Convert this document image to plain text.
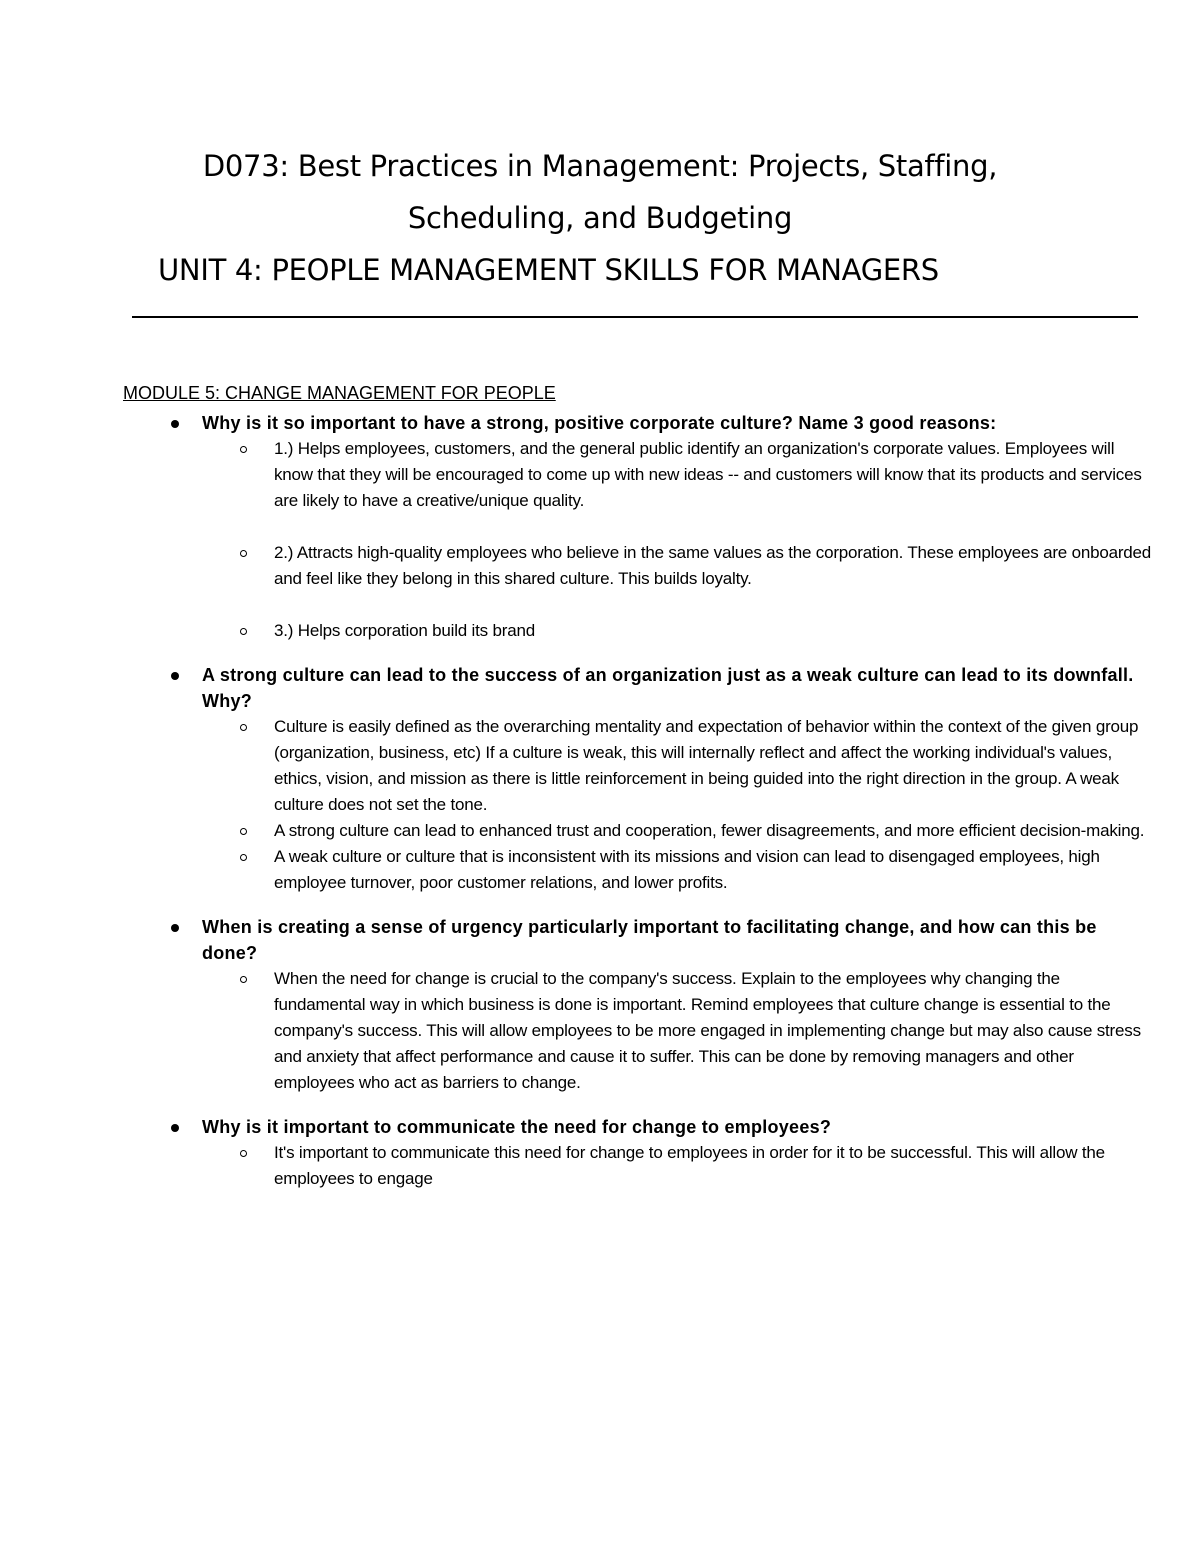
D073: Best Practices in Management: Projects, Staffing,
Scheduling, and Budgeting
UNIT 4: PEOPLE MANAGEMENT SKILLS FOR MANAGERS
MODULE 5: CHANGE MANAGEMENT FOR PEOPLE
Why is it so important to have a strong, positive corporate culture? Name 3 good reasons:
1.) Helps employees, customers, and the general public identify an organization's corporate values. Employees will know that they will be encouraged to come up with new ideas -- and customers will know that its products and services are likely to have a creative/unique quality.
2.) Attracts high-quality employees who believe in the same values as the corporation. These employees are onboarded and feel like they belong in this shared culture. This builds loyalty.
3.) Helps corporation build its brand
A strong culture can lead to the success of an organization just as a weak culture can lead to its downfall. Why?
Culture is easily defined as the overarching mentality and expectation of behavior within the context of the given group (organization, business, etc) If a culture is weak, this will internally reflect and affect the working individual's values, ethics, vision, and mission as there is little reinforcement in being guided into the right direction in the group. A weak culture does not set the tone.
A strong culture can lead to enhanced trust and cooperation, fewer disagreements, and more efficient decision-making.
A weak culture or culture that is inconsistent with its missions and vision can lead to disengaged employees, high employee turnover, poor customer relations, and lower profits.
When is creating a sense of urgency particularly important to facilitating change, and how can this be done?
When the need for change is crucial to the company's success. Explain to the employees why changing the fundamental way in which business is done is important. Remind employees that culture change is essential to the company's success. This will allow employees to be more engaged in implementing change but may also cause stress and anxiety that affect performance and cause it to suffer. This can be done by removing managers and other employees who act as barriers to change.
Why is it important to communicate the need for change to employees?
It's important to communicate this need for change to employees in order for it to be successful. This will allow the employees to engage
